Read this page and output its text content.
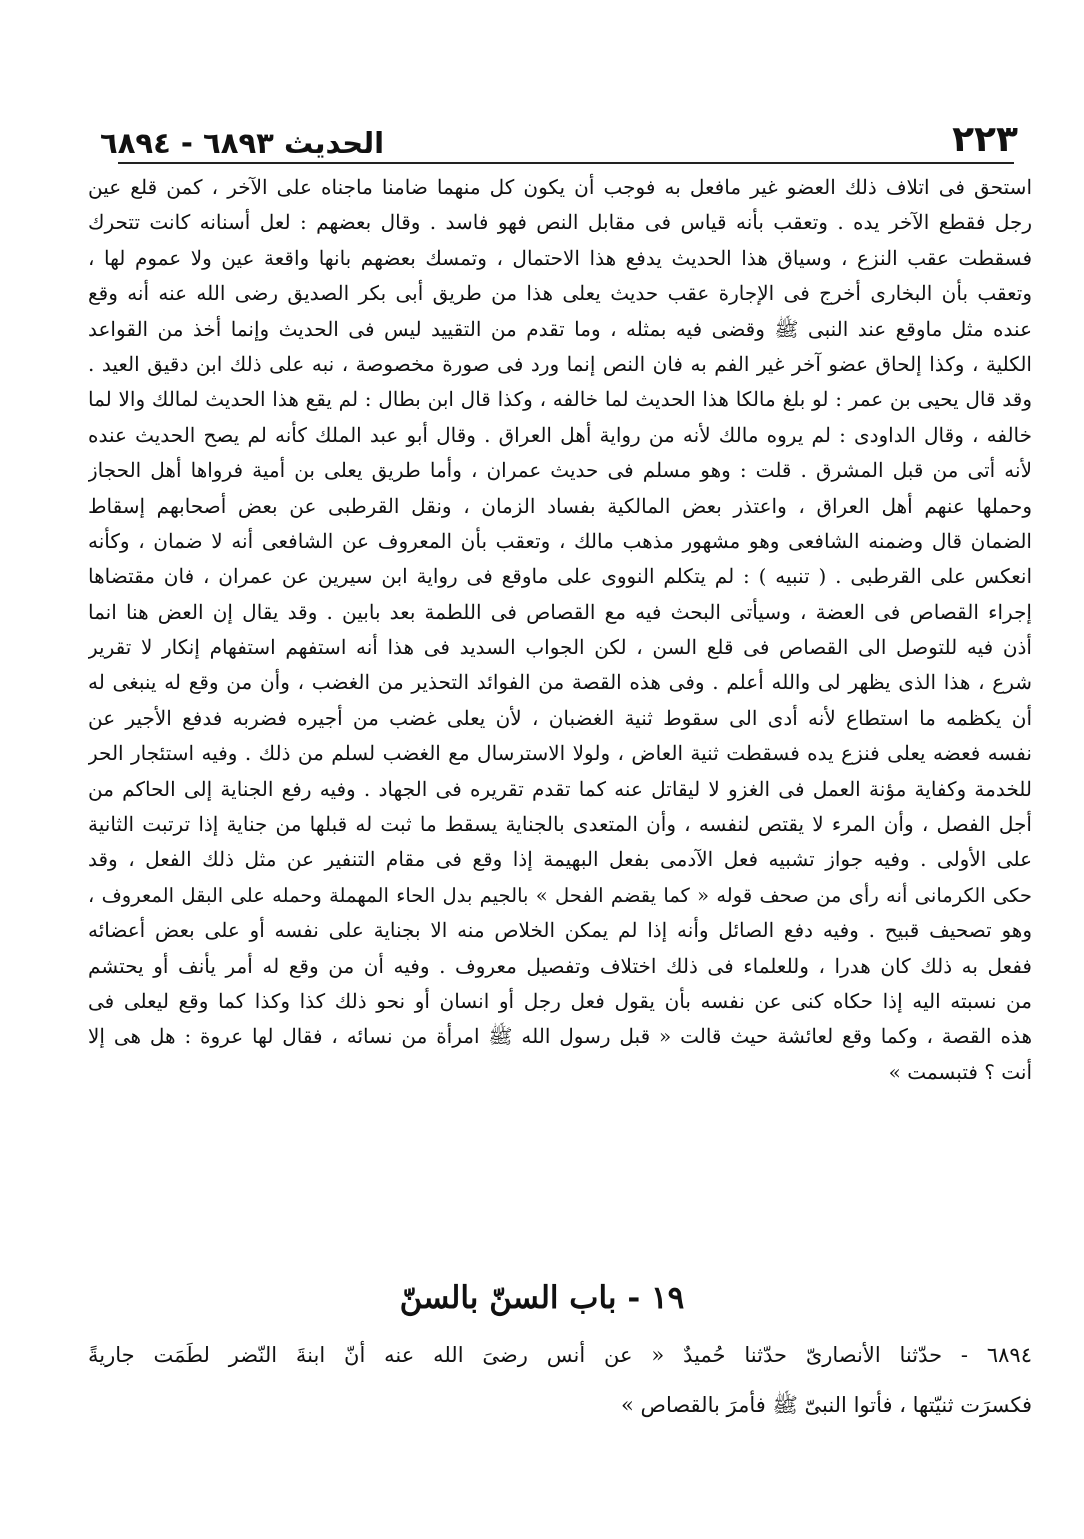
٢٢٣
الحديث ٦٨٩٣ - ٦٨٩٤
استحق فى اتلاف ذلك العضو غير مافعل به فوجب أن يكون كل منهما ضامنا ماجناه على الآخر ، كمن قلع عين
رجل فقطع الآخر يده . وتعقب بأنه قياس فى مقابل النص فهو فاسد . وقال بعضهم : لعل أسنانه كانت تتحرك
فسقطت عقب النزع ، وسياق هذا الحديث يدفع هذا الاحتمال ، وتمسك بعضهم بانها واقعة عين ولا عموم لها ،
وتعقب بأن البخارى أخرج فى الإجارة عقب حديث يعلى هذا من طريق أبى بكر الصديق رضى الله عنه أنه وقع
عنده مثل ماوقع عند النبى ﷺ وقضى فيه بمثله ، وما تقدم من التقييد ليس فى الحديث وإنما أخذ من القواعد
الكلية ، وكذا إلحاق عضو آخر غير الفم به فان النص إنما ورد فى صورة مخصوصة ، نبه على ذلك ابن دقيق العيد .
وقد قال يحيى بن عمر : لو بلغ مالكا هذا الحديث لما خالفه ، وكذا قال ابن بطال : لم يقع هذا الحديث لمالك والا لما
خالفه ، وقال الداودى : لم يروه مالك لأنه من رواية أهل العراق . وقال أبو عبد الملك كأنه لم يصح الحديث عنده
لأنه أتى من قبل المشرق . قلت : وهو مسلم فى حديث عمران ، وأما طريق يعلى بن أمية فرواها أهل الحجاز
وحملها عنهم أهل العراق ، واعتذر بعض المالكية بفساد الزمان ، ونقل القرطبى عن بعض أصحابهم إسقاط
الضمان قال وضمنه الشافعى وهو مشهور مذهب مالك ، وتعقب بأن المعروف عن الشافعى أنه لا ضمان ، وكأنه
انعكس على القرطبى . ( تنبيه ) : لم يتكلم النووى على ماوقع فى رواية ابن سيرين عن عمران ، فان مقتضاها
إجراء القصاص فى العضة ، وسيأتى البحث فيه مع القصاص فى اللطمة بعد بابين . وقد يقال إن العض هنا انما
أذن فيه للتوصل الى القصاص فى قلع السن ، لكن الجواب السديد فى هذا أنه استفهم استفهام إنكار لا تقرير
شرع ، هذا الذى يظهر لى والله أعلم . وفى هذه القصة من الفوائد التحذير من الغضب ، وأن من وقع له ينبغى له
أن يكظمه ما استطاع لأنه أدى الى سقوط ثنية الغضبان ، لأن يعلى غضب من أجيره فضربه فدفع الأجير عن
نفسه فعضه يعلى فنزع يده فسقطت ثنية العاض ، ولولا الاسترسال مع الغضب لسلم من ذلك . وفيه استئجار الحر
للخدمة وكفاية مؤنة العمل فى الغزو لا ليقاتل عنه كما تقدم تقريره فى الجهاد . وفيه رفع الجناية إلى الحاكم من
أجل الفصل ، وأن المرء لا يقتص لنفسه ، وأن المتعدى بالجناية يسقط ما ثبت له قبلها من جناية إذا ترتبت الثانية
على الأولى . وفيه جواز تشبيه فعل الآدمى بفعل البهيمة إذا وقع فى مقام التنفير عن مثل ذلك الفعل ، وقد
حكى الكرمانى أنه رأى من صحف قوله « كما يقضم الفحل » بالجيم بدل الحاء المهملة وحمله على البقل المعروف ،
وهو تصحيف قبيح . وفيه دفع الصائل وأنه إذا لم يمكن الخلاص منه الا بجناية على نفسه أو على بعض أعضائه
ففعل به ذلك كان هدرا ، وللعلماء فى ذلك اختلاف وتفصيل معروف . وفيه أن من وقع له أمر يأنف أو يحتشم
من نسبته اليه إذا حكاه كنى عن نفسه بأن يقول فعل رجل أو انسان أو نحو ذلك كذا وكذا كما وقع ليعلى فى
هذه القصة ، وكما وقع لعائشة حيث قالت « قبل رسول الله ﷺ امرأة من نسائه ، فقال لها عروة : هل هى إلا
أنت ؟ فتبسمت »
١٩ - باب السنّ بالسنّ
٦٨٩٤ - حدّثنا الأنصارىّ حدّثنا حُميدٌ « عن أنس رضىَ الله عنه أنّ ابنةَ النّضر لطَمَت جاريةً
فكسرَت ثنيّتها ، فأتوا النبىّ ﷺ فأمرَ بالقصاص »
